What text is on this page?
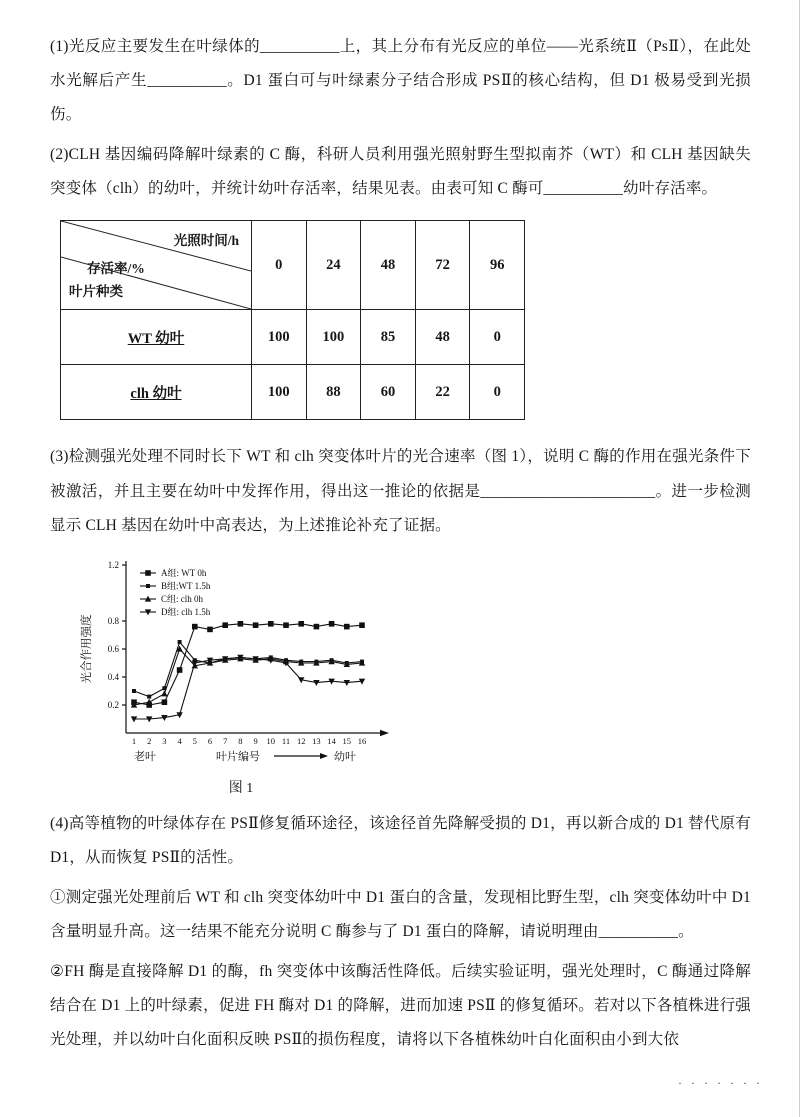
(1)光反应主要发生在叶绿体的__________上，其上分布有光反应的单位——光系统Ⅱ（PsⅡ），在此处水光解后产生__________。D1 蛋白可与叶绿素分子结合形成 PSⅡ的核心结构，但 D1 极易受到光损伤。

(2)CLH 基因编码降解叶绿素的 C 酶，科研人员利用强光照射野生型拟南芥（WT）和 CLH 基因缺失突变体（clh）的幼叶，并统计幼叶存活率，结果见表。由表可知 C 酶可__________幼叶存活率。

光照时间/h
存活率/%
叶片种类	0	24	48	72	96
WT 幼叶	100	100	85	48	0
clh 幼叶	100	88	60	22	0

(3)检测强光处理不同时长下 WT 和 clh 突变体叶片的光合速率（图 1），说明 C 酶的作用在强光条件下被激活，并且主要在幼叶中发挥作用，得出这一推论的依据是______________________。进一步检测显示 CLH 基因在幼叶中高表达，为上述推论补充了证据。

0.2
0.4
0.6
0.8
1.2
1 2 3 4 5 6 7 8 9 10 11 12 13 14 15 16
A组: WT 0h
B组:WT 1.5h
C组: clh 0h
D组: clh 1.5h
光合作用强度
老叶	叶片编号	幼叶
图 1

(4)高等植物的叶绿体存在 PSⅡ修复循环途径，该途径首先降解受损的 D1，再以新合成的 D1 替代原有 D1，从而恢复 PSⅡ的活性。

①测定强光处理前后 WT 和 clh 突变体幼叶中 D1 蛋白的含量，发现相比野生型，clh 突变体幼叶中 D1 含量明显升高。这一结果不能充分说明 C 酶参与了 D1 蛋白的降解，请说明理由__________。

②FH 酶是直接降解 D1 的酶，fh 突变体中该酶活性降低。后续实验证明，强光处理时，C 酶通过降解结合在 D1 上的叶绿素，促进 FH 酶对 D1 的降解，进而加速 PSⅡ 的修复循环。若对以下各植株进行强光处理，并以幼叶白化面积反映 PSⅡ的损伤程度，请将以下各植株幼叶白化面积由小到大依

· · · · · · ·
